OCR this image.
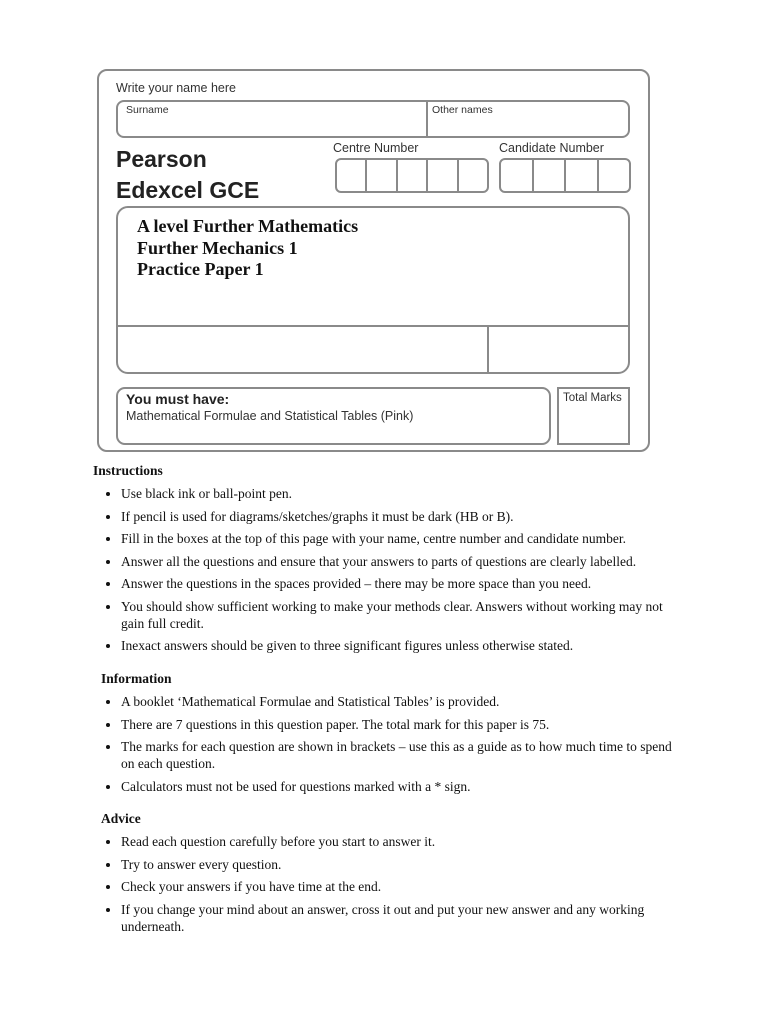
Write your name here
Surname	Other names
Pearson
Edexcel GCE
Centre Number	Candidate Number
A level Further Mathematics
Further Mechanics 1
Practice Paper 1
You must have:
Mathematical Formulae and Statistical Tables (Pink)
Total Marks
Instructions
• Use black ink or ball-point pen.
• If pencil is used for diagrams/sketches/graphs it must be dark (HB or B).
• Fill in the boxes at the top of this page with your name, centre number and candidate number.
• Answer all the questions and ensure that your answers to parts of questions are clearly labelled.
• Answer the questions in the spaces provided – there may be more space than you need.
• You should show sufficient working to make your methods clear. Answers without working may not gain full credit.
• Inexact answers should be given to three significant figures unless otherwise stated.
Information
• A booklet ‘Mathematical Formulae and Statistical Tables’ is provided.
• There are 7 questions in this question paper. The total mark for this paper is 75.
• The marks for each question are shown in brackets – use this as a guide as to how much time to spend on each question.
• Calculators must not be used for questions marked with a * sign.
Advice
• Read each question carefully before you start to answer it.
• Try to answer every question.
• Check your answers if you have time at the end.
• If you change your mind about an answer, cross it out and put your new answer and any working underneath.
